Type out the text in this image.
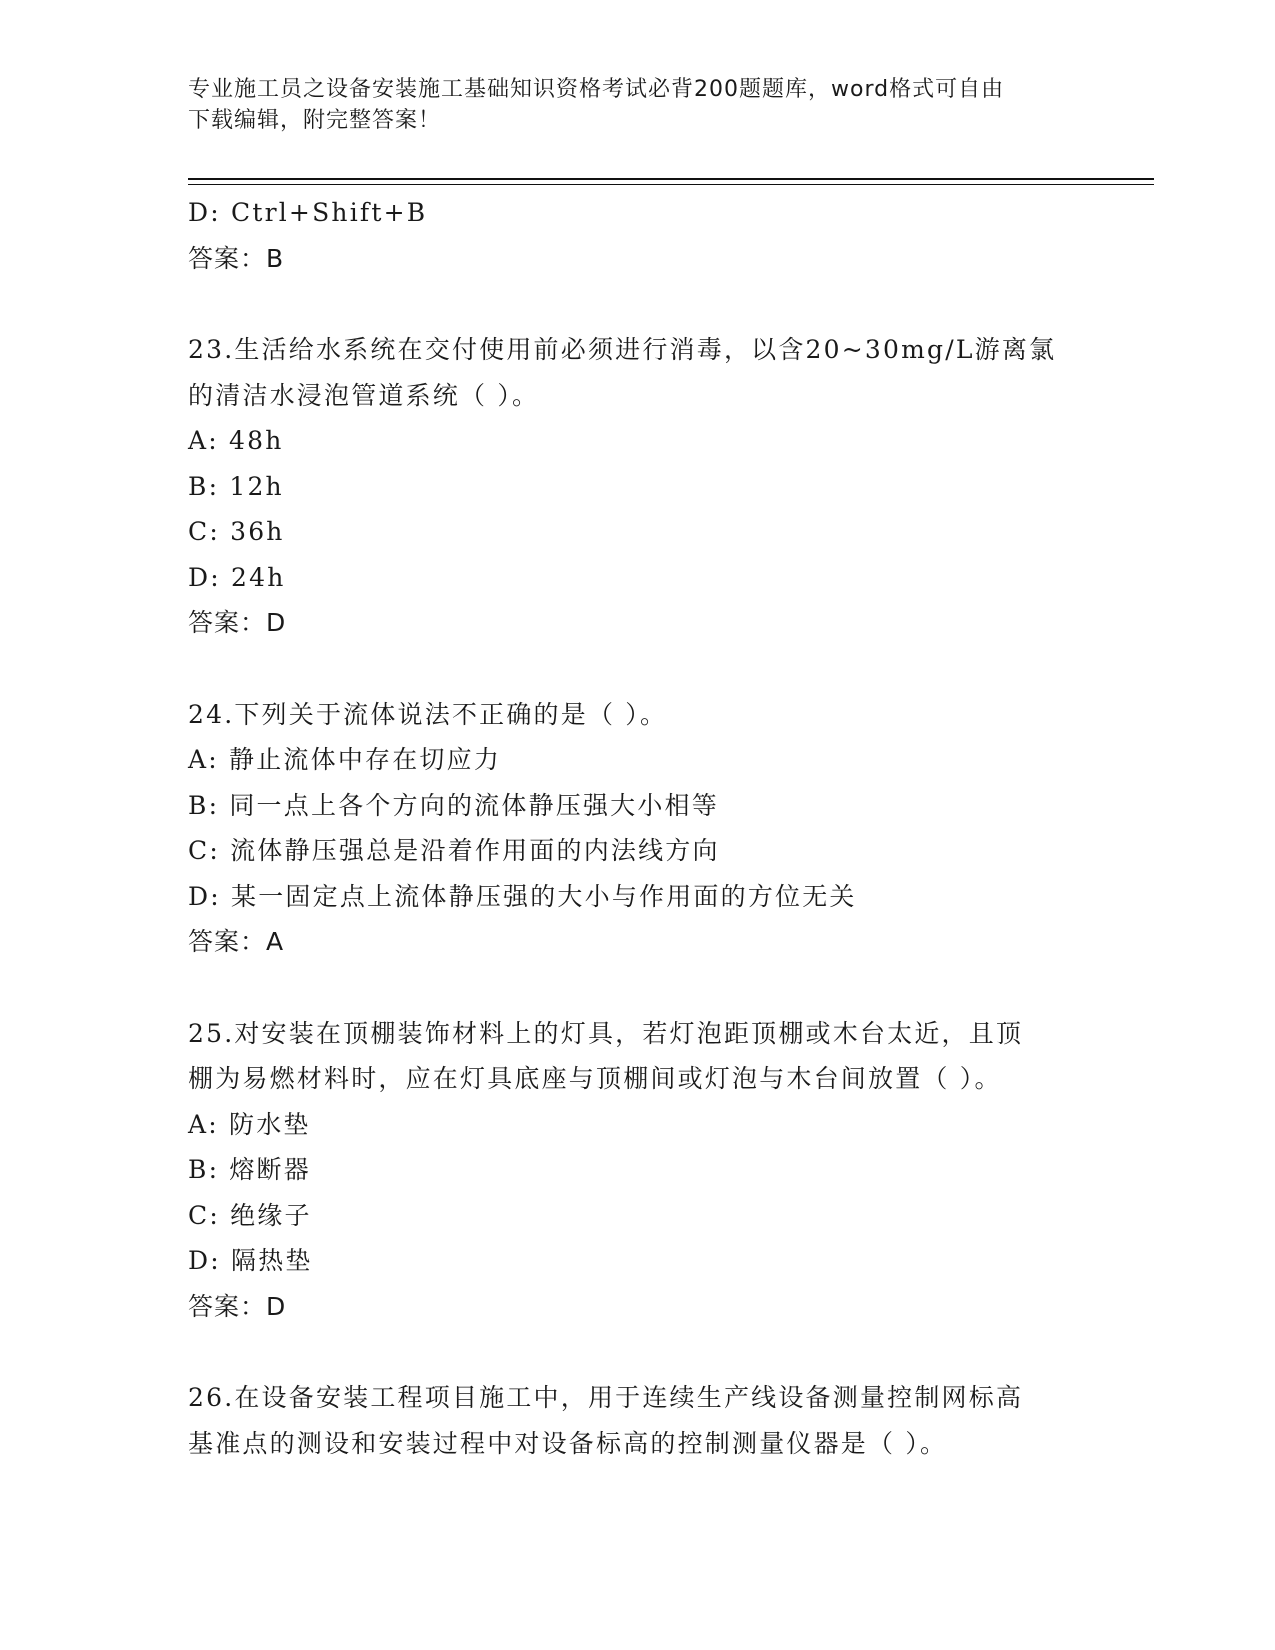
专业施工员之设备安装施工基础知识资格考试必背200题题库，word格式可自由
下载编辑，附完整答案！
D: Ctrl+Shift+B
答案：B
23.生活给水系统在交付使用前必须进行消毒，以含20~30mg/L游离氯
的清洁水浸泡管道系统（ ）。
A: 48h
B: 12h
C: 36h
D: 24h
答案：D
24.下列关于流体说法不正确的是（ ）。
A: 静止流体中存在切应力
B: 同一点上各个方向的流体静压强大小相等
C: 流体静压强总是沿着作用面的内法线方向
D: 某一固定点上流体静压强的大小与作用面的方位无关
答案：A
25.对安装在顶棚装饰材料上的灯具，若灯泡距顶棚或木台太近，且顶
棚为易燃材料时，应在灯具底座与顶棚间或灯泡与木台间放置（ ）。
A: 防水垫
B: 熔断器
C: 绝缘子
D: 隔热垫
答案：D
26.在设备安装工程项目施工中，用于连续生产线设备测量控制网标高
基准点的测设和安装过程中对设备标高的控制测量仪器是（ ）。
